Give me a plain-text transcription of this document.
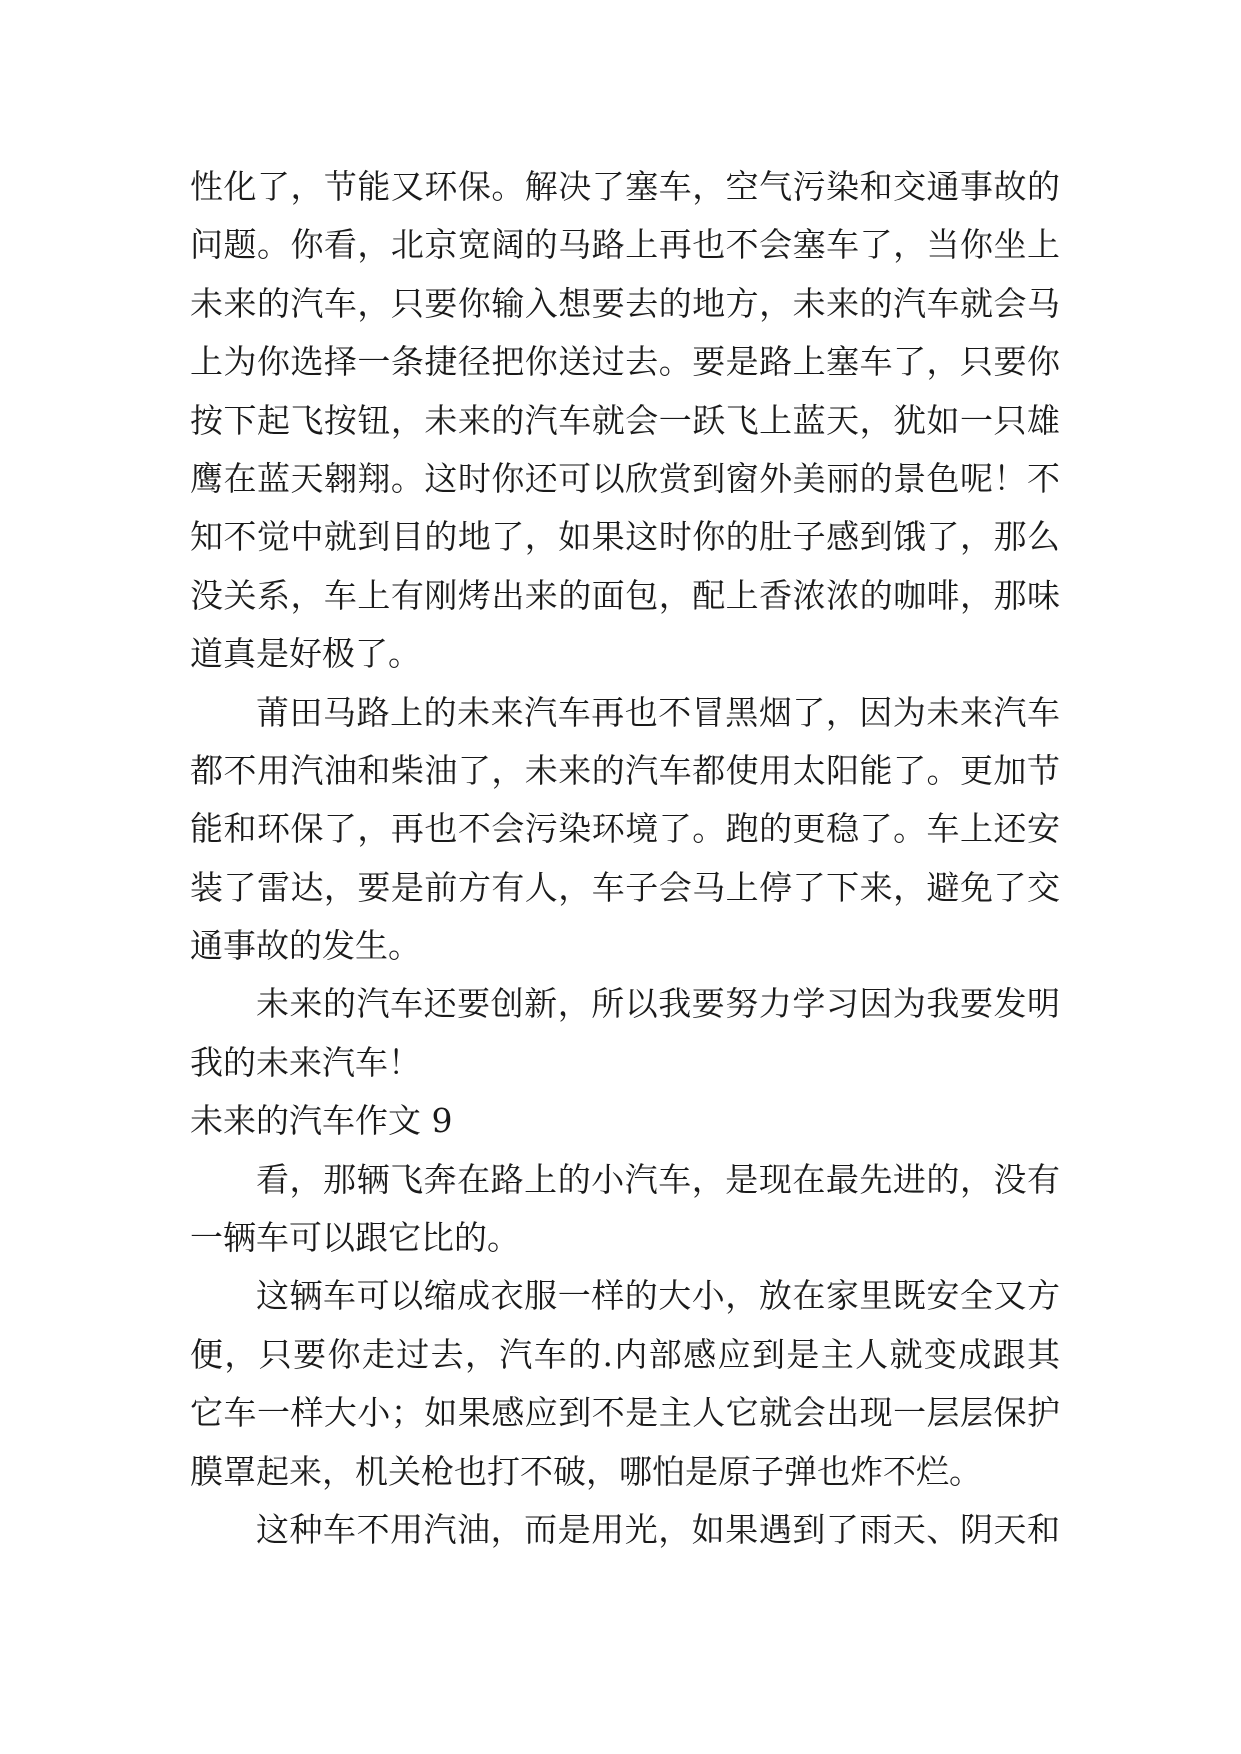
性化了，节能又环保。解决了塞车，空气污染和交通事故的
问题。你看，北京宽阔的马路上再也不会塞车了，当你坐上
未来的汽车，只要你输入想要去的地方，未来的汽车就会马
上为你选择一条捷径把你送过去。要是路上塞车了，只要你
按下起飞按钮，未来的汽车就会一跃飞上蓝天，犹如一只雄
鹰在蓝天翱翔。这时你还可以欣赏到窗外美丽的景色呢！不
知不觉中就到目的地了，如果这时你的肚子感到饿了，那么
没关系，车上有刚烤出来的面包，配上香浓浓的咖啡，那味
道真是好极了。
莆田马路上的未来汽车再也不冒黑烟了，因为未来汽车
都不用汽油和柴油了，未来的汽车都使用太阳能了。更加节
能和环保了，再也不会污染环境了。跑的更稳了。车上还安
装了雷达，要是前方有人，车子会马上停了下来，避免了交
通事故的发生。
未来的汽车还要创新，所以我要努力学习因为我要发明
我的未来汽车！
未来的汽车作文 9
看，那辆飞奔在路上的小汽车，是现在最先进的，没有
一辆车可以跟它比的。
这辆车可以缩成衣服一样的大小，放在家里既安全又方
便，只要你走过去，汽车的.内部感应到是主人就变成跟其
它车一样大小；如果感应到不是主人它就会出现一层层保护
膜罩起来，机关枪也打不破，哪怕是原子弹也炸不烂。
这种车不用汽油，而是用光，如果遇到了雨天、阴天和
